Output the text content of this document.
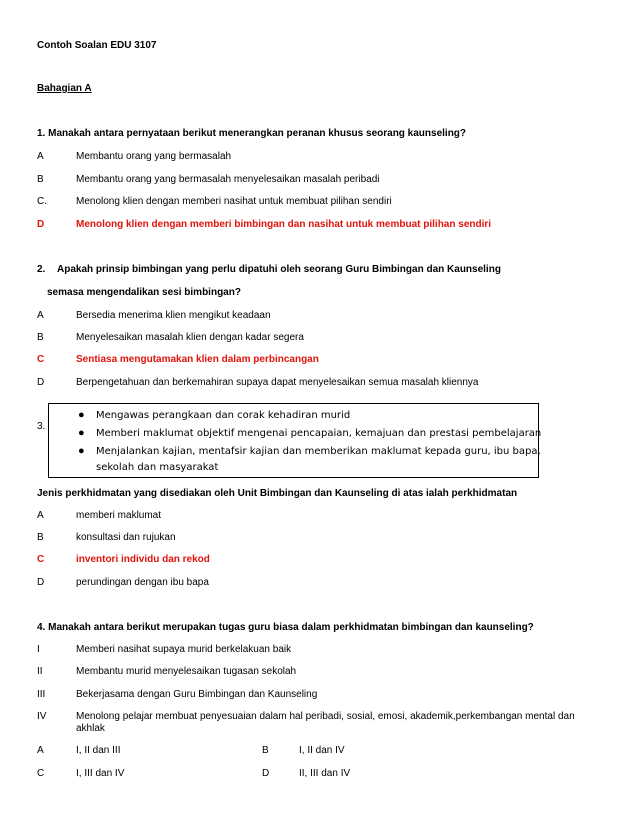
Contoh Soalan EDU 3107
Bahagian A
1. Manakah antara pernyataan berikut menerangkan peranan khusus seorang kaunseling?
A	Membantu orang yang bermasalah
B	Membantu orang yang bermasalah menyelesaikan masalah peribadi
C.	Menolong klien dengan memberi nasihat untuk membuat pilihan sendiri
D	Menolong klien dengan memberi bimbingan dan nasihat untuk membuat pilihan sendiri
2. Apakah prinsip bimbingan yang perlu dipatuhi oleh seorang Guru Bimbingan dan Kaunseling
semasa mengendalikan sesi bimbingan?
A	Bersedia menerima klien mengikut keadaan
B	Menyelesaikan masalah klien dengan kadar segera
C	Sentiasa mengutamakan klien dalam perbincangan
D	Berpengetahuan dan berkemahiran supaya dapat menyelesaikan semua masalah kliennya
3.
● Mengawas perangkaan dan corak kehadiran murid
● Memberi maklumat objektif mengenai pencapaian, kemajuan dan prestasi pembelajaran
● Menjalankan kajian, mentafsir kajian dan memberikan maklumat kepada guru, ibu bapa,
sekolah dan masyarakat
Jenis perkhidmatan yang disediakan oleh Unit Bimbingan dan Kaunseling di atas ialah perkhidmatan
A	memberi maklumat
B	konsultasi dan rujukan
C	inventori individu dan rekod
D	perundingan dengan ibu bapa
4. Manakah antara berikut merupakan tugas guru biasa dalam perkhidmatan bimbingan dan kaunseling?
I	Memberi nasihat supaya murid berkelakuan baik
II	Membantu murid menyelesaikan tugasan sekolah
III	Bekerjasama dengan Guru Bimbingan dan Kaunseling
IV	Menolong pelajar membuat penyesuaian dalam hal peribadi, sosial, emosi, akademik,perkembangan mental dan
akhlak
A	I, II dan III	B	I, II dan IV
C	I, III dan IV	D	II, III dan IV
